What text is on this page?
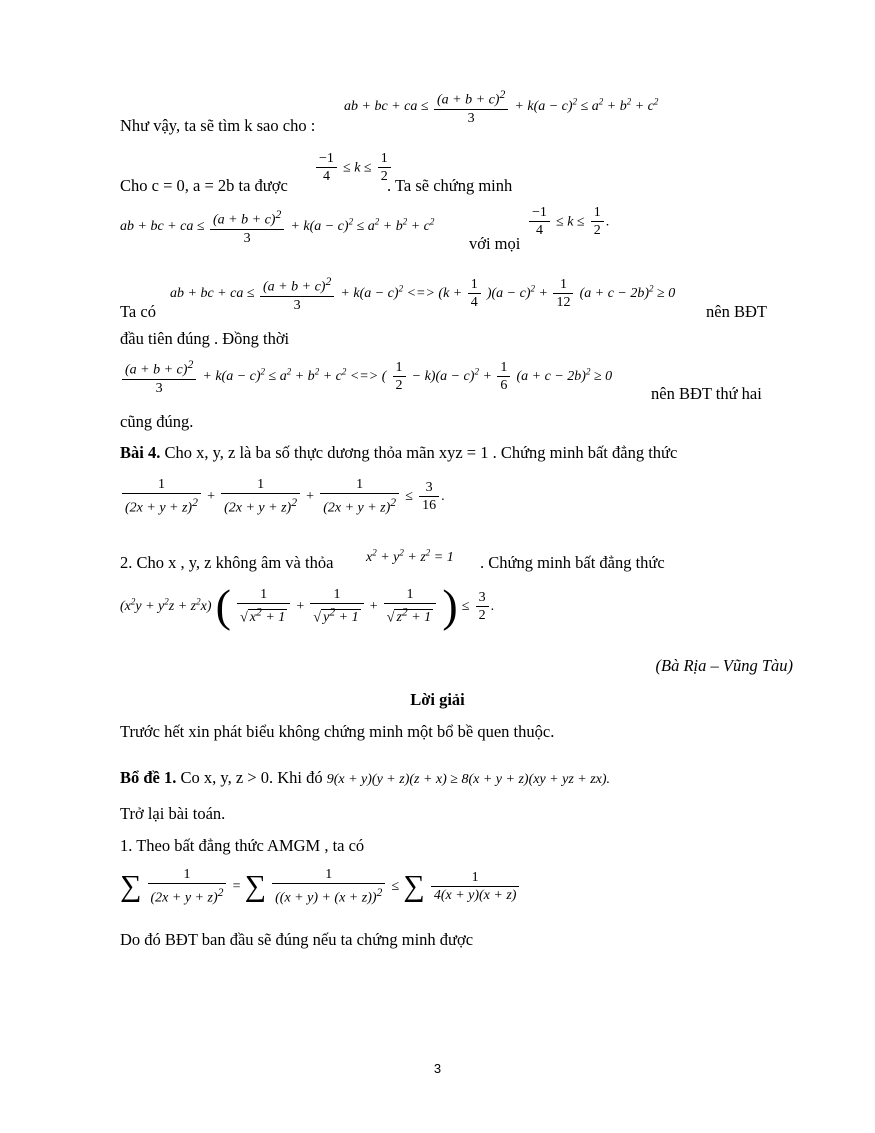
ab + bc + ca ≤ $\frac{(a + b + c)^2}{3} + k(a - c)^2 \le a^2 + b^2 + c^2$
Như vậy, ta sẽ tìm k sao cho :
$\frac{-1}{4} \le k \le \frac{1}{2}$
Cho c = 0, a = 2b ta được	. Ta sẽ chứng minh
ab + bc + ca ≤ $\frac{(a + b + c)^2}{3} + k(a - c)^2 \le a^2 + b^2 + c^2$
với mọi
$\frac{-1}{4} \le k \le \frac{1}{2}$ .
ab + bc + ca ≤ $\frac{(a + b + c)^2}{3} + k(a - c)^2$ <=> $(k + \frac{1}{4} )(a - c)^2 + \frac{1}{12} (a + c - 2b)^2 \ge 0$
Ta có	nên BĐT
đầu tiên đúng . Đồng thời
$\frac{(a + b + c)^2}{3} + k(a - c)^2 \le a^2 + b^2 + c^2$ <=> ( $\frac{1}{2} - k)(a - c)^2 + \frac{1}{6} (a + c - 2b)^2 \ge 0$
nên BĐT thứ hai
cũng đúng.
Bài 4. Cho x, y, z là ba số thực dương thỏa mãn xyz = 1 . Chứng minh bất đẳng thức
$\frac{1}{(2x + y + z)^2} + \frac{1}{(2x + y + z)^2} + \frac{1}{(2x + y + z)^2} \le \frac{3}{16}$ .
2. Cho x , y, z không âm và thỏa $x^2 + y^2 + z^2 = 1$ . Chứng minh bất đẳng thức
$(x^2y + y^2z + z^2x)$ ( $\frac{1}{√ x^2 + 1} + \frac{1}{√ y^2 + 1} + \frac{1}{√ z^2 + 1}$ ) ≤ $\frac{3}{2}$ .
(Bà Rịa – Vũng Tàu)
Lời giải
Trước hết xin phát biểu không chứng minh một bổ bề quen thuộc.
Bổ đề 1. Co x, y, z > 0. Khi đó 9(x + y)(y + z)(z + x) ≥ 8(x + y + z)(xy + yz + zx).
Trở lại bài toán.
1. Theo bất đẳng thức AMGM , ta có
∑ $\frac{1}{(2x + y + z)^2}$ = ∑ $\frac{1}{((x + y) + (x + z))^2}$ ≤ ∑ $\frac{1}{4(x + y)(x + z)}$
Do đó BĐT ban đầu sẽ đúng nếu ta chứng minh được
3
